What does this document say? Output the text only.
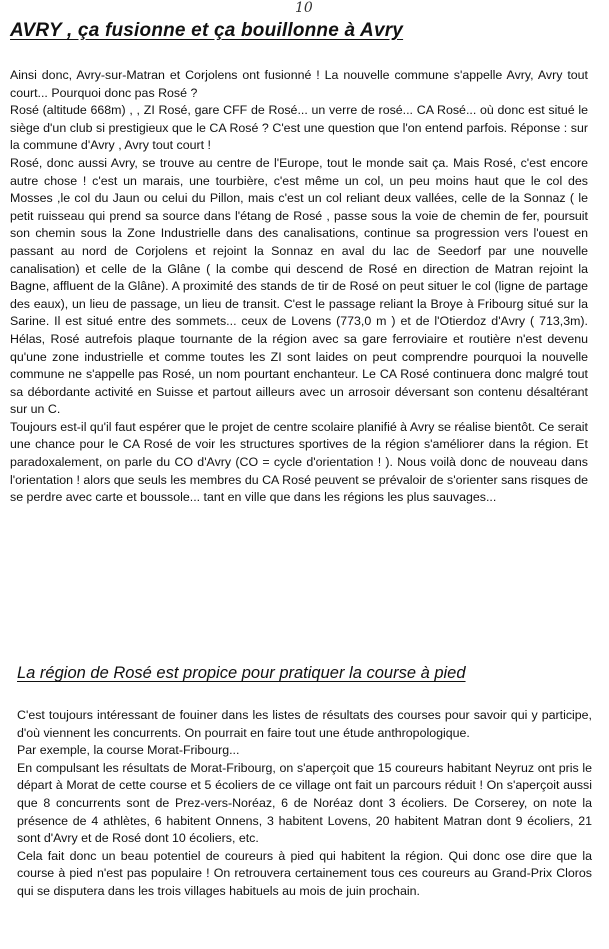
10
AVRY , ça fusionne et ça bouillonne à Avry

Ainsi donc, Avry-sur-Matran et Corjolens ont fusionné ! La nouvelle commune s'appelle Avry, Avry tout court... Pourquoi donc pas Rosé ?

Rosé (altitude 668m) , , ZI Rosé, gare CFF de Rosé... un verre de rosé... CA Rosé... où donc est situé le siège d'un club si prestigieux que le CA Rosé ? C'est une question que l'on entend parfois. Réponse : sur la commune d'Avry , Avry tout court !

Rosé, donc aussi Avry, se trouve au centre de l'Europe, tout le monde sait ça. Mais Rosé, c'est encore autre chose ! c'est un marais, une tourbière, c'est même un col, un peu moins haut que le col des Mosses ,le col du Jaun ou celui du Pillon, mais c'est un col reliant deux vallées, celle de la Sonnaz ( le petit ruisseau qui prend sa source dans l'étang de Rosé , passe sous la voie de chemin de fer, poursuit son chemin sous la Zone Industrielle dans des canalisations, continue sa progression vers l'ouest en passant au nord de Corjolens et rejoint la Sonnaz en aval du lac de Seedorf par une nouvelle canalisation) et celle de la Glâne ( la combe qui descend de Rosé en direction de Matran rejoint la Bagne, affluent de la Glâne). A proximité des stands de tir de Rosé on peut situer le col (ligne de partage des eaux), un lieu de passage, un lieu de transit. C'est le passage reliant la Broye à Fribourg situé sur la Sarine. Il est situé entre des sommets... ceux de Lovens (773,0 m ) et de l'Otierdoz d'Avry ( 713,3m). Hélas, Rosé autrefois plaque tournante de la région avec sa gare ferroviaire et routière n'est devenu qu'une zone industrielle et comme toutes les ZI sont laides on peut comprendre pourquoi la nouvelle commune ne s'appelle pas Rosé, un nom pourtant enchanteur. Le CA Rosé continuera donc malgré tout sa débordante activité en Suisse et partout ailleurs avec un arrosoir déversant son contenu désaltérant sur un C.

Toujours est-il qu'il faut espérer que le projet de centre scolaire planifié à Avry se réalise bientôt. Ce serait une chance pour le CA Rosé de voir les structures sportives de la région s'améliorer dans la région. Et paradoxalement, on parle du CO d'Avry (CO = cycle d'orientation ! ). Nous voilà donc de nouveau dans l'orientation ! alors que seuls les membres du CA Rosé peuvent se prévaloir de s'orienter sans risques de se perdre avec carte et boussole... tant en ville que dans les régions les plus sauvages...

La région de Rosé est propice pour pratiquer la course à pied

C'est toujours intéressant de fouiner dans les listes de résultats des courses pour savoir qui y participe, d'où viennent les concurrents. On pourrait en faire tout une étude anthropologique.

Par exemple, la course Morat-Fribourg...

En compulsant les résultats de Morat-Fribourg, on s'aperçoit que 15 coureurs habitant Neyruz ont pris le départ à Morat de cette course et 5 écoliers de ce village ont fait un parcours réduit ! On s'aperçoit aussi que 8 concurrents sont de Prez-vers-Noréaz, 6 de Noréaz dont 3 écoliers. De Corserey, on note la présence de 4 athlètes, 6 habitent Onnens, 3 habitent Lovens, 20 habitent Matran dont 9 écoliers, 21 sont d'Avry et de Rosé dont 10 écoliers, etc.

Cela fait donc un beau potentiel de coureurs à pied qui habitent la région. Qui donc ose dire que la course à pied n'est pas populaire ! On retrouvera certainement tous ces coureurs au Grand-Prix Cloros qui se disputera dans les trois villages habituels au mois de juin prochain.
